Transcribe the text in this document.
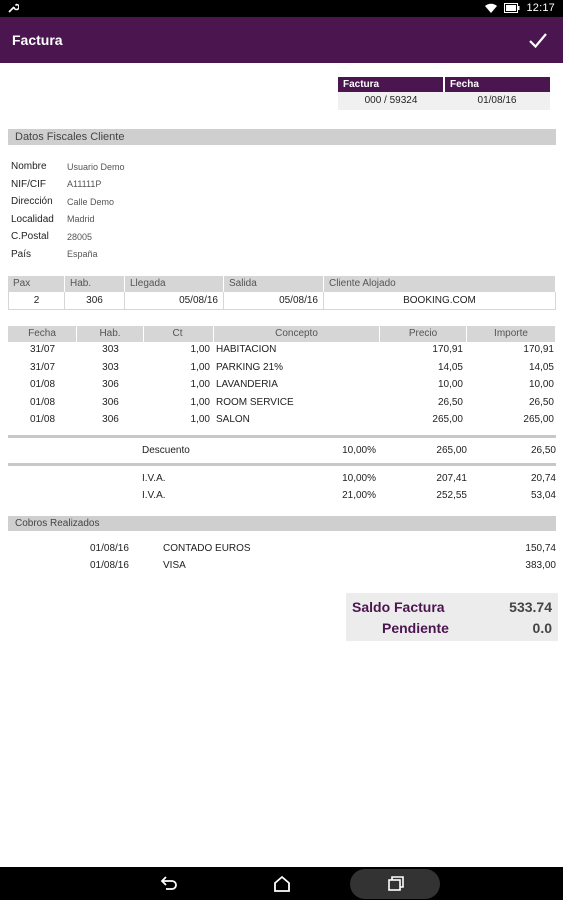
12:17
Factura
Factura	Fecha
000 / 59324	01/08/16
Datos Fiscales Cliente
Nombre	Usuario Demo
NIF/CIF	A11111P
Dirección	Calle Demo
Localidad	Madrid
C.Postal	28005
País	España
Pax	Hab.	Llegada	Salida	Cliente Alojado
2	306	05/08/16	05/08/16	BOOKING.COM
Fecha	Hab.	Ct	Concepto	Precio	Importe
31/07	303	1,00 HABITACION	170,91	170,91
31/07	303	1,00 PARKING 21%	14,05	14,05
01/08	306	1,00 LAVANDERIA	10,00	10,00
01/08	306	1,00 ROOM SERVICE	26,50	26,50
01/08	306	1,00 SALON	265,00	265,00
Descuento	10,00%	265,00	26,50
I.V.A.	10,00%	207,41	20,74
I.V.A.	21,00%	252,55	53,04
Cobros Realizados
01/08/16	CONTADO EUROS	150,74
01/08/16	VISA	383,00
Saldo Factura	533.74
Pendiente	0.0
